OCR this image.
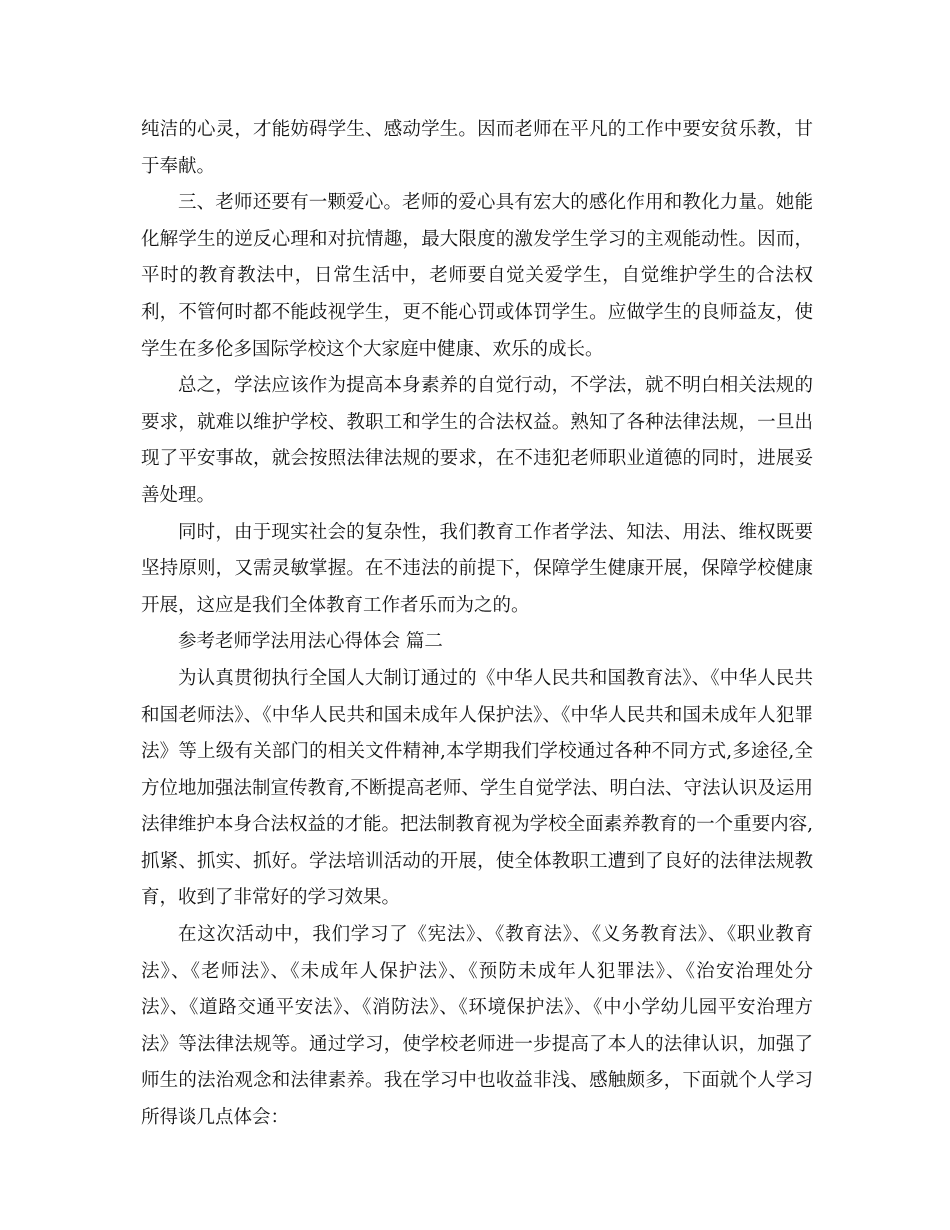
纯洁的心灵，才能妨碍学生、感动学生。因而老师在平凡的工作中要安贫乐教，甘于奉献。

三、老师还要有一颗爱心。老师的爱心具有宏大的感化作用和教化力量。她能化解学生的逆反心理和对抗情趣，最大限度的激发学生学习的主观能动性。因而，平时的教育教法中，日常生活中，老师要自觉关爱学生，自觉维护学生的合法权利，不管何时都不能歧视学生，更不能心罚或体罚学生。应做学生的良师益友，使学生在多伦多国际学校这个大家庭中健康、欢乐的成长。

总之，学法应该作为提高本身素养的自觉行动，不学法，就不明白相关法规的要求，就难以维护学校、教职工和学生的合法权益。熟知了各种法律法规，一旦出现了平安事故，就会按照法律法规的要求，在不违犯老师职业道德的同时，进展妥善处理。

同时，由于现实社会的复杂性，我们教育工作者学法、知法、用法、维权既要坚持原则，又需灵敏掌握。在不违法的前提下，保障学生健康开展，保障学校健康开展，这应是我们全体教育工作者乐而为之的。

参考老师学法用法心得体会 篇二

为认真贯彻执行全国人大制订通过的《中华人民共和国教育法》、《中华人民共和国老师法》、《中华人民共和国未成年人保护法》、《中华人民共和国未成年人犯罪法》等上级有关部门的相关文件精神,本学期我们学校通过各种不同方式,多途径,全方位地加强法制宣传教育,不断提高老师、学生自觉学法、明白法、守法认识及运用法律维护本身合法权益的才能。把法制教育视为学校全面素养教育的一个重要内容,抓紧、抓实、抓好。学法培训活动的开展，使全体教职工遭到了良好的法律法规教育，收到了非常好的学习效果。

在这次活动中，我们学习了《宪法》、《教育法》、《义务教育法》、《职业教育法》、《老师法》、《未成年人保护法》、《预防未成年人犯罪法》、《治安治理处分法》、《道路交通平安法》、《消防法》、《环境保护法》、《中小学幼儿园平安治理方法》等法律法规等。通过学习，使学校老师进一步提高了本人的法律认识，加强了师生的法治观念和法律素养。我在学习中也收益非浅、感触颇多，下面就个人学习所得谈几点体会：
